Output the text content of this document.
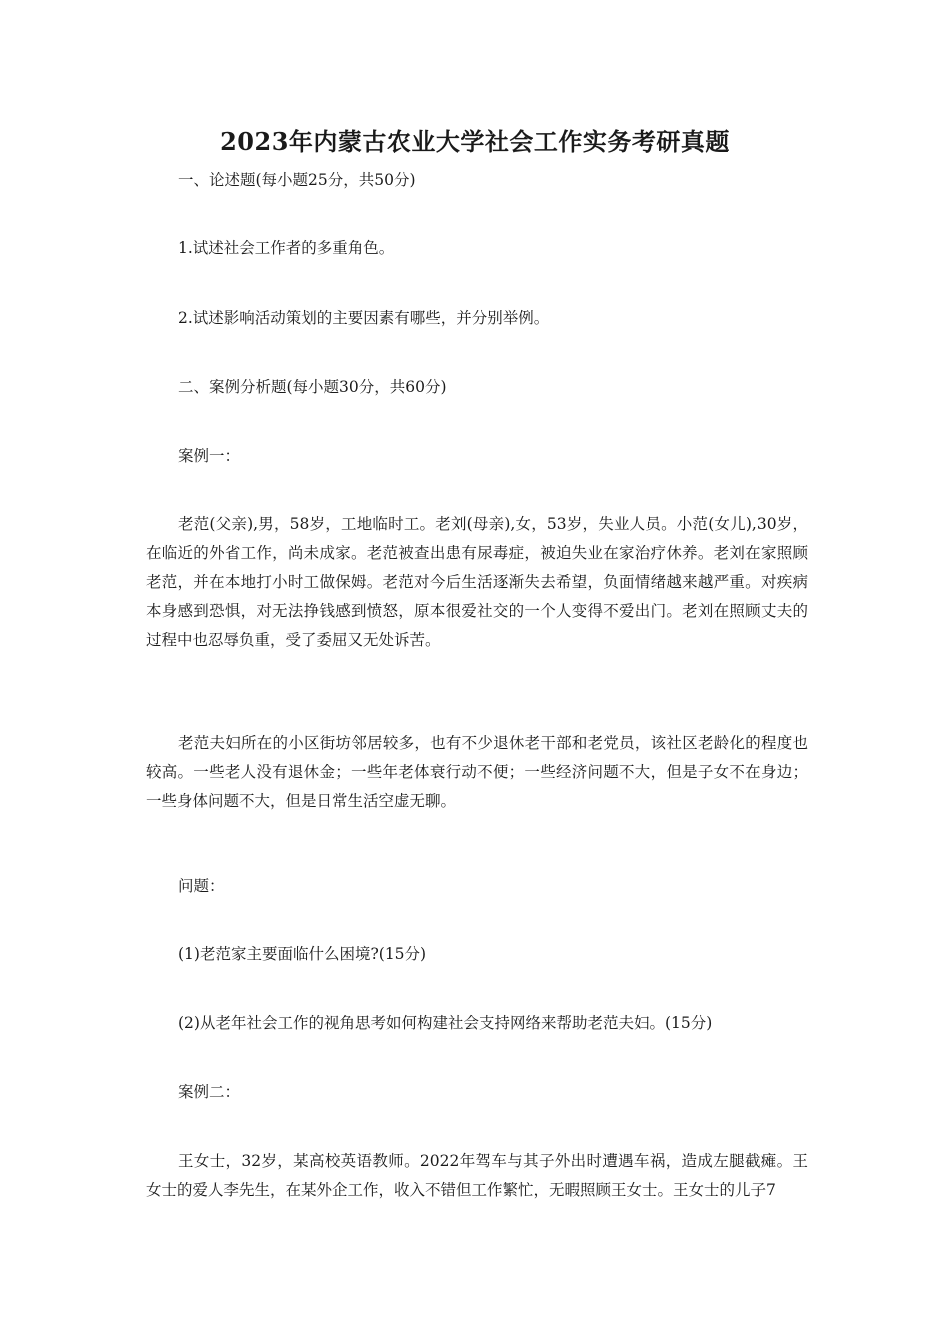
2023年内蒙古农业大学社会工作实务考研真题
一、论述题(每小题25分，共50分)
1.试述社会工作者的多重角色。
2.试述影响活动策划的主要因素有哪些，并分别举例。
二、案例分析题(每小题30分，共60分)
案例一：
老范(父亲),男，58岁，工地临时工。老刘(母亲),女，53岁，失业人员。小范(女儿),30岁，在临近的外省工作，尚未成家。老范被查出患有尿毒症，被迫失业在家治疗休养。老刘在家照顾老范，并在本地打小时工做保姆。老范对今后生活逐渐失去希望，负面情绪越来越严重。对疾病本身感到恐惧，对无法挣钱感到愤怒，原本很爱社交的一个人变得不爱出门。老刘在照顾丈夫的过程中也忍辱负重，受了委屈又无处诉苦。
老范夫妇所在的小区街坊邻居较多，也有不少退休老干部和老党员，该社区老龄化的程度也较高。一些老人没有退休金；一些年老体衰行动不便；一些经济问题不大，但是子女不在身边；一些身体问题不大，但是日常生活空虚无聊。
问题：
(1)老范家主要面临什么困境?(15分)
(2)从老年社会工作的视角思考如何构建社会支持网络来帮助老范夫妇。(15分)
案例二：
王女士，32岁，某高校英语教师。2022年驾车与其子外出时遭遇车祸，造成左腿截瘫。王女士的爱人李先生，在某外企工作，收入不错但工作繁忙，无暇照顾王女士。王女士的儿子7
